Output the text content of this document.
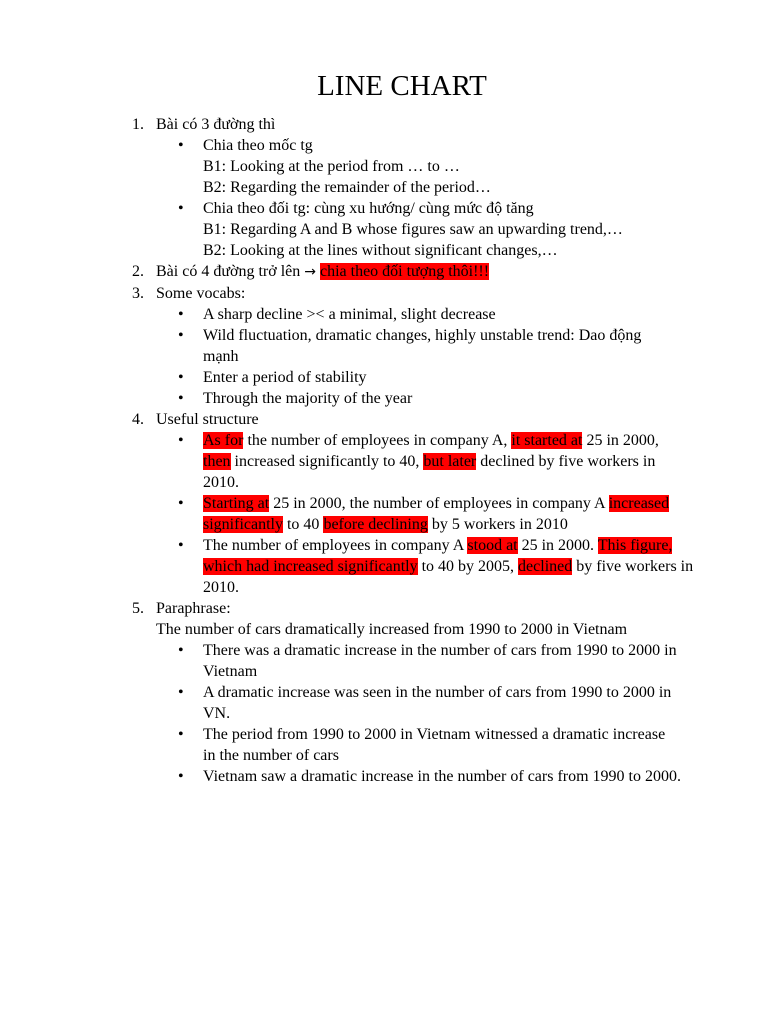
LINE CHART
1. Bài có 3 đường thì
• Chia theo mốc tg
B1: Looking at the period from … to …
B2: Regarding the remainder of the period…
• Chia theo đối tg: cùng xu hướng/ cùng mức độ tăng
B1: Regarding A and B whose figures saw an upwarding trend,…
B2: Looking at the lines without significant changes,…
2. Bài có 4 đường trở lên → chia theo đối tượng thôi!!!
3. Some vocabs:
• A sharp decline >< a minimal, slight decrease
• Wild fluctuation, dramatic changes, highly unstable trend: Dao động mạnh
• Enter a period of stability
• Through the majority of the year
4. Useful structure
• As for the number of employees in company A, it started at 25 in 2000, then increased significantly to 40, but later declined by five workers in 2010.
• Starting at 25 in 2000, the number of employees in company A increased significantly to 40 before declining by 5 workers in 2010
• The number of employees in company A stood at 25 in 2000. This figure, which had increased significantly to 40 by 2005, declined by five workers in 2010.
5. Paraphrase:
The number of cars dramatically increased from 1990 to 2000 in Vietnam
• There was a dramatic increase in the number of cars from 1990 to 2000 in Vietnam
• A dramatic increase was seen in the number of cars from 1990 to 2000 in VN.
• The period from 1990 to 2000 in Vietnam witnessed a dramatic increase in the number of cars
• Vietnam saw a dramatic increase in the number of cars from 1990 to 2000.
